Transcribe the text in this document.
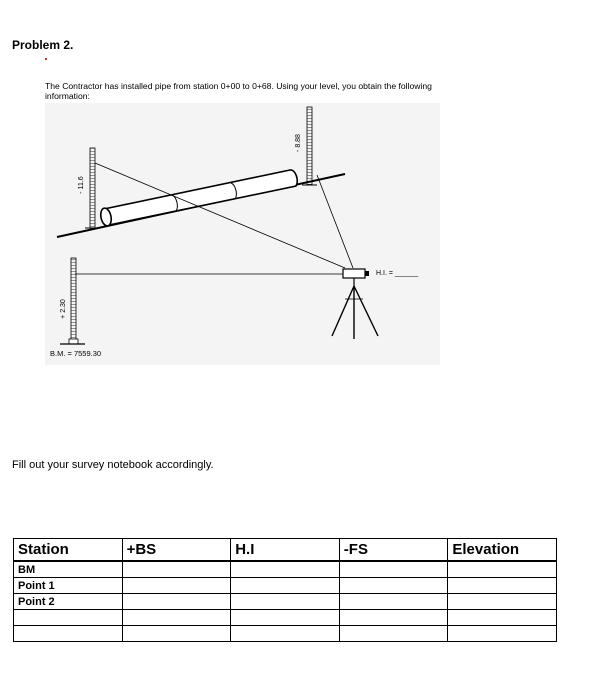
Problem 2.
The Contractor has installed pipe from station 0+00 to 0+68. Using your level, you obtain the following information:
- 11.6
- 8.88
+ 2.30
B.M. = 7559.30
H.I. = ______
Fill out your survey notebook accordingly.
Station	+BS	H.I	-FS	Elevation
BM				
Point 1				
Point 2				
